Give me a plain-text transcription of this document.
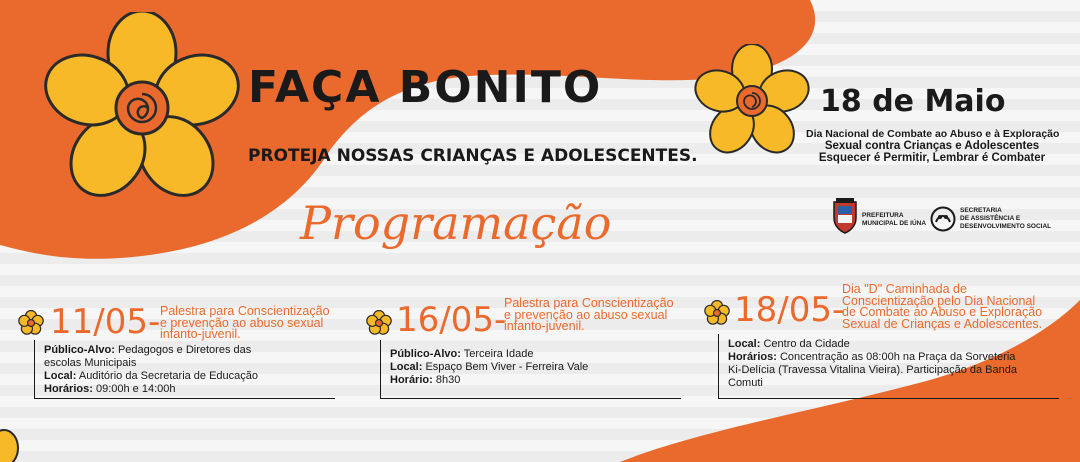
FAÇA BONITO
PROTEJA NOSSAS CRIANÇAS E ADOLESCENTES.
Programação
18 de Maio
Dia Nacional de Combate ao Abuso e à Exploração
Sexual contra Crianças e Adolescentes
Esquecer é Permitir, Lembrar é Combater
PREFEITURA
MUNICIPAL DE IÚNA
SECRETARIA
DE ASSISTÊNCIA E
DESENVOLVIMENTO SOCIAL
11/05- Palestra para Conscientização
e prevenção ao abuso sexual
infanto-juvenil.
Público-Alvo: Pedagogos e Diretores das
escolas Municipais
Local: Auditório da Secretaria de Educação
Horários: 09:00h e 14:00h
16/05-
Palestra para Conscientização
e prevenção ao abuso sexual
infanto-juvenil.
Público-Alvo: Terceira Idade
Local: Espaço Bem Viver - Ferreira Vale
Horário: 8h30
18/05-
Dia "D" Caminhada de
Conscientização pelo Dia Nacional
de Combate ao Abuso e Exploração
Sexual de Crianças e Adolescentes.
Local: Centro da Cidade
Horários: Concentração as 08:00h na Praça da Sorveteria
Ki-Delícia (Travessa Vitalina Vieira). Participação da Banda
Comuti
